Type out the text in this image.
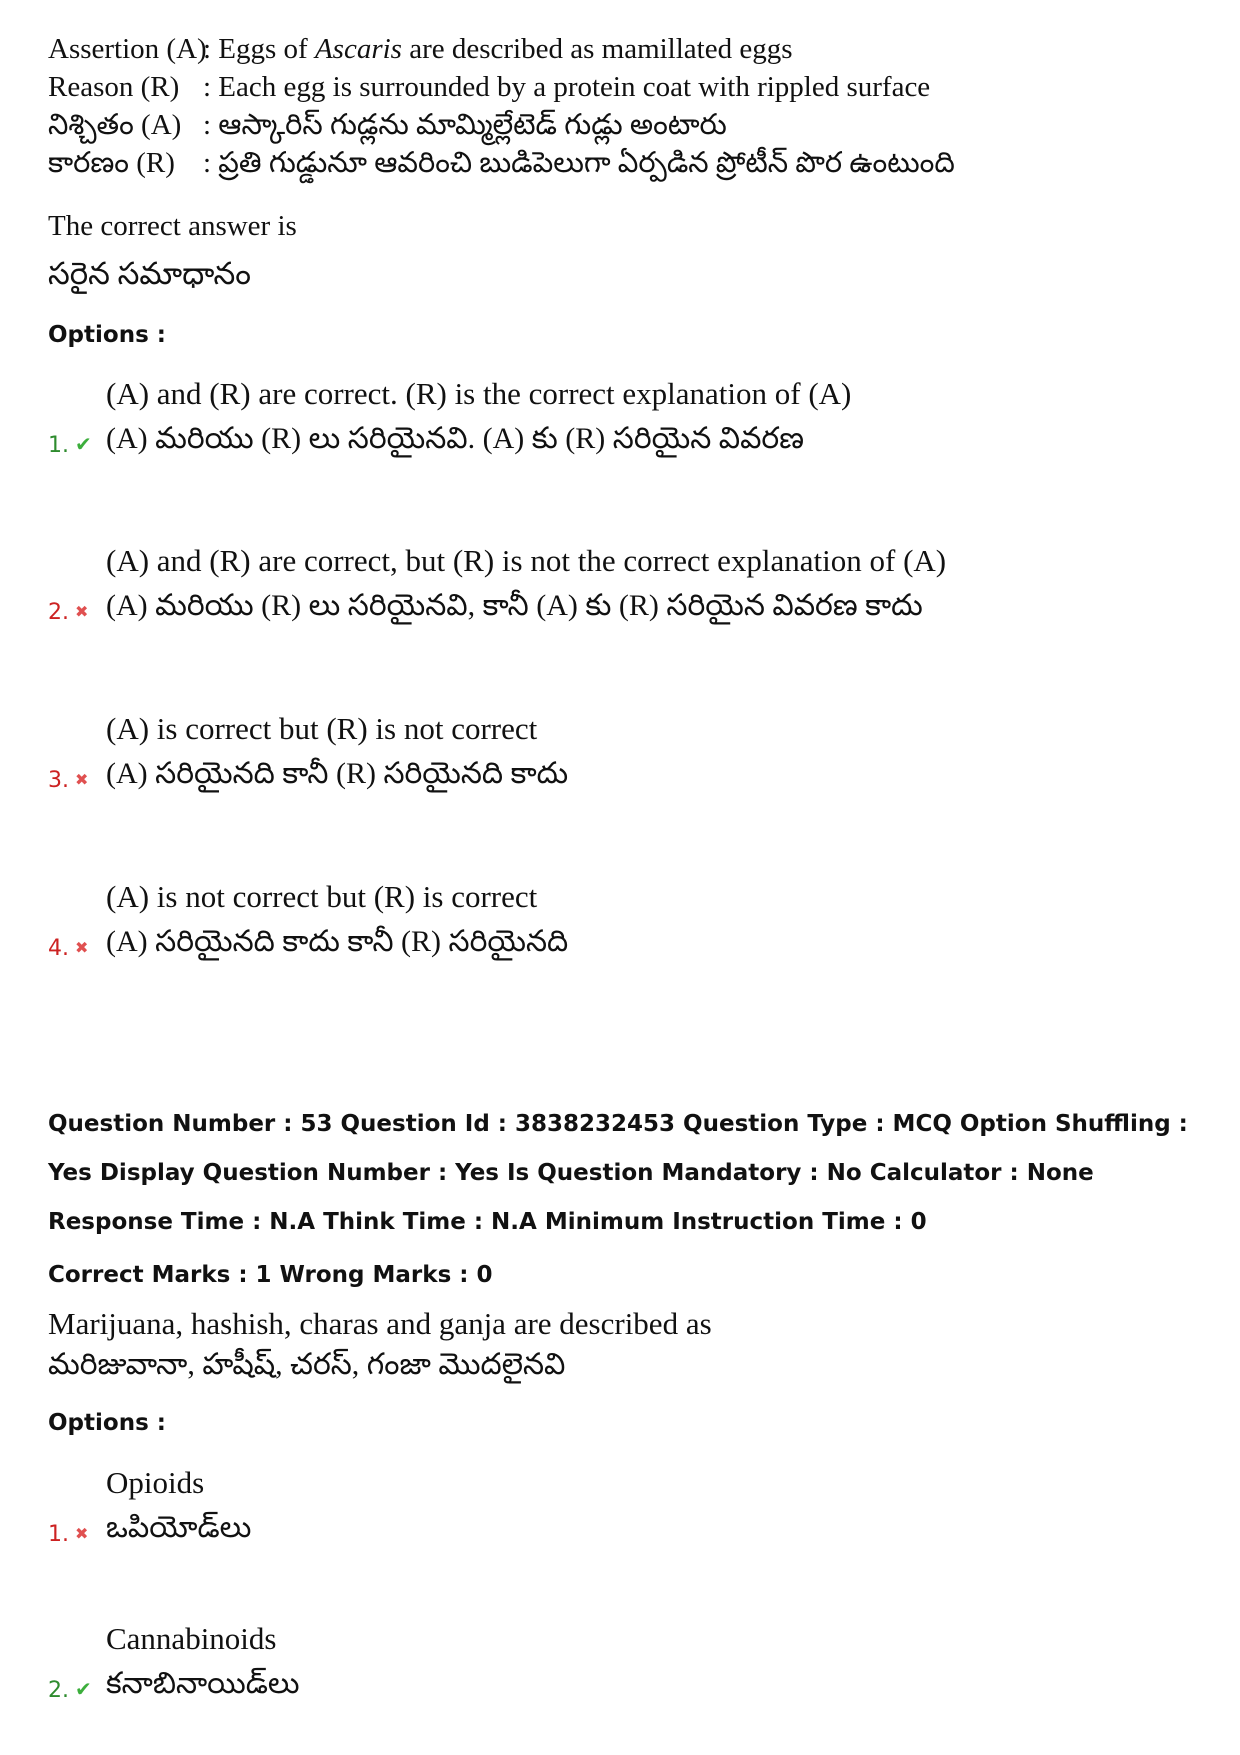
Assertion (A)
: Eggs of Ascaris are described as mamillated eggs
Reason (R) : Each egg is surrounded by a protein coat with rippled surface
నిశ్చితం (A) : ఆస్కారిస్ గుడ్లను మామ్మిల్లేటెడ్ గుడ్లు అంటారు
కారణం (R) : ప్రతి గుడ్డునూ ఆవరించి బుడిపెలుగా ఏర్పడిన ప్రోటీన్ పొర ఉంటుంది
The correct answer is
సరైన సమాధానం
Options :
1. ✔
(A) and (R) are correct. (R) is the correct explanation of (A)
(A) మరియు (R) లు సరియైనవి. (A) కు (R) సరియైన వివరణ
2. ✖
(A) and (R) are correct, but (R) is not the correct explanation of (A)
(A) మరియు (R) లు సరియైనవి, కానీ (A) కు (R) సరియైన వివరణ కాదు
3. ✖
(A) is correct but (R) is not correct
(A) సరియైనది కానీ (R) సరియైనది కాదు
4. ✖
(A) is not correct but (R) is correct
(A) సరియైనది కాదు కానీ (R) సరియైనది
Question Number : 53 Question Id : 3838232453 Question Type : MCQ Option Shuffling : Yes Display Question Number : Yes Is Question Mandatory : No Calculator : None Response Time : N.A Think Time : N.A Minimum Instruction Time : 0
Correct Marks : 1 Wrong Marks : 0
Marijuana, hashish, charas and ganja are described as
మరిజువానా, హషీష్, చరస్, గంజా మొదలైనవి
Options :
1. ✖
Opioids
ఒపియోడ్‌లు
2. ✔
Cannabinoids
కనాబినాయిడ్‌లు
